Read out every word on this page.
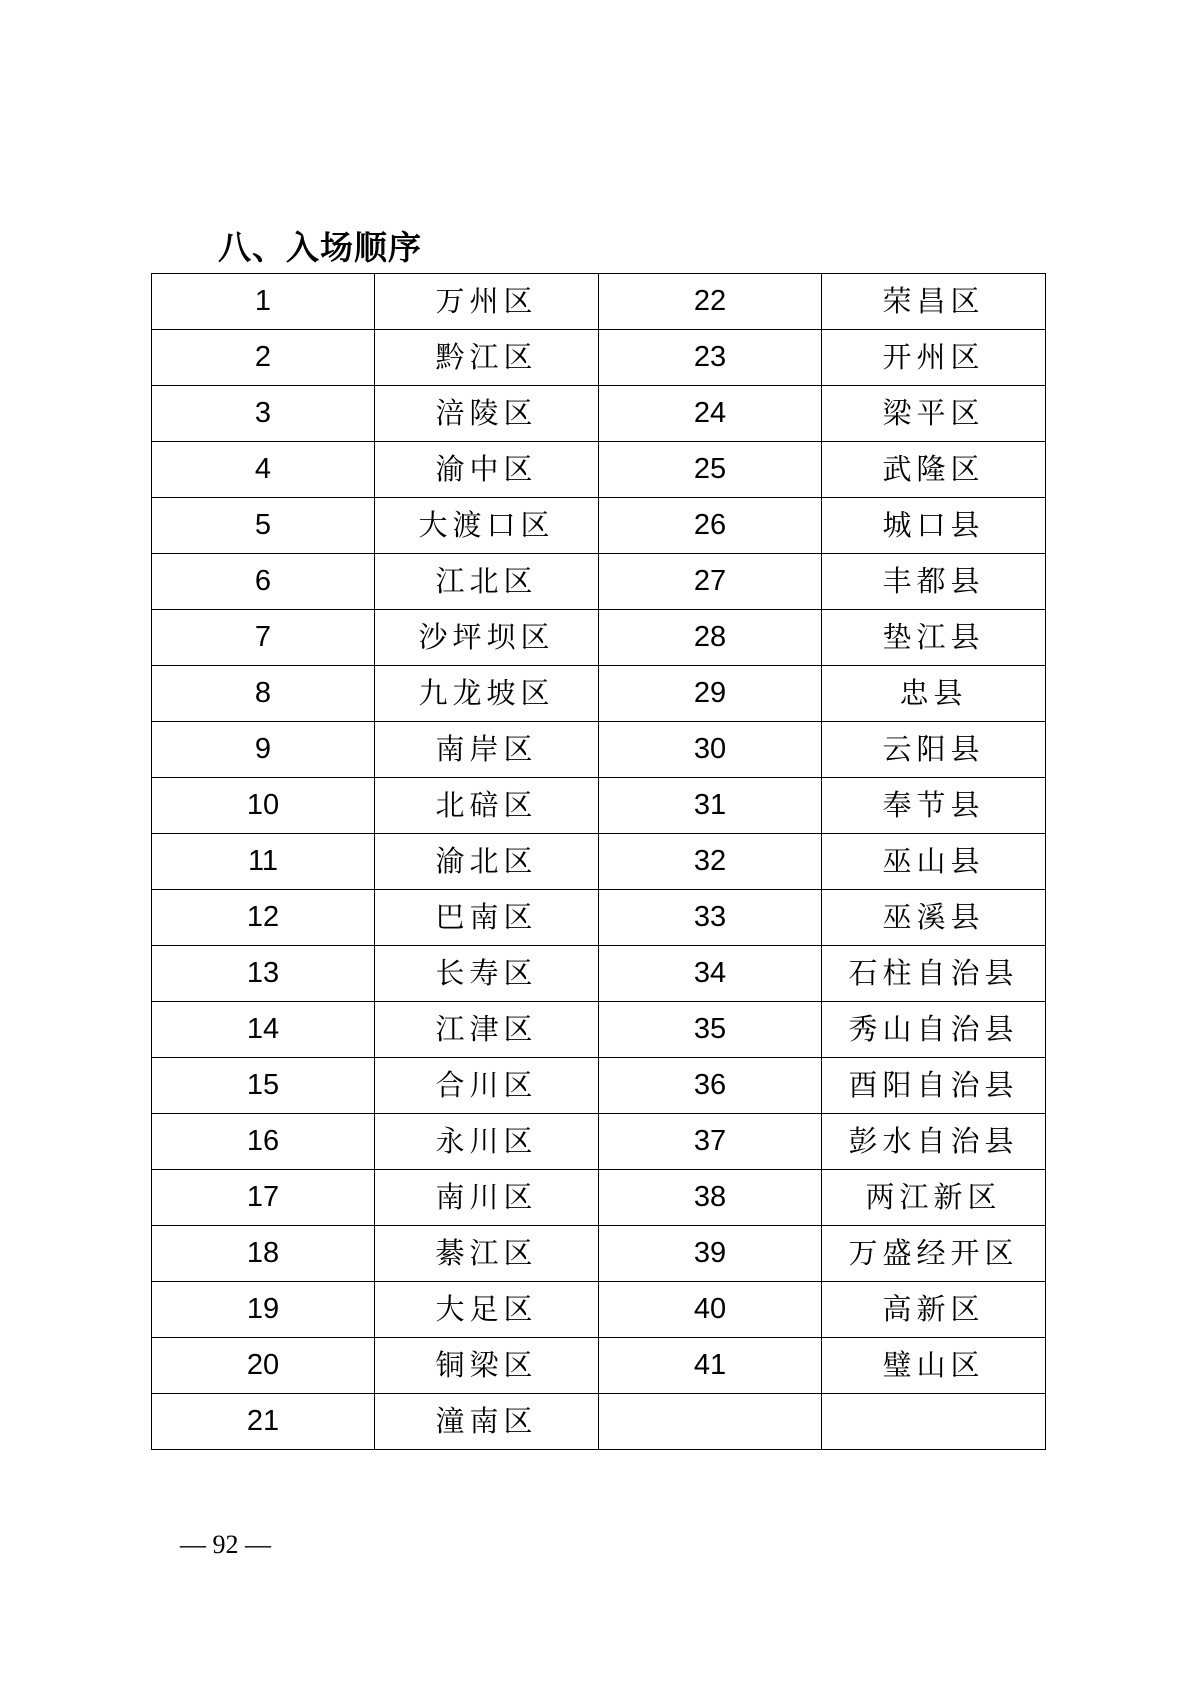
八、入场顺序
1	万州区	22	荣昌区
2	黔江区	23	开州区
3	涪陵区	24	梁平区
4	渝中区	25	武隆区
5	大渡口区	26	城口县
6	江北区	27	丰都县
7	沙坪坝区	28	垫江县
8	九龙坡区	29	忠县
9	南岸区	30	云阳县
10	北碚区	31	奉节县
11	渝北区	32	巫山县
12	巴南区	33	巫溪县
13	长寿区	34	石柱自治县
14	江津区	35	秀山自治县
15	合川区	36	酉阳自治县
16	永川区	37	彭水自治县
17	南川区	38	两江新区
18	綦江区	39	万盛经开区
19	大足区	40	高新区
20	铜梁区	41	璧山区
21	潼南区		
— 92 —
